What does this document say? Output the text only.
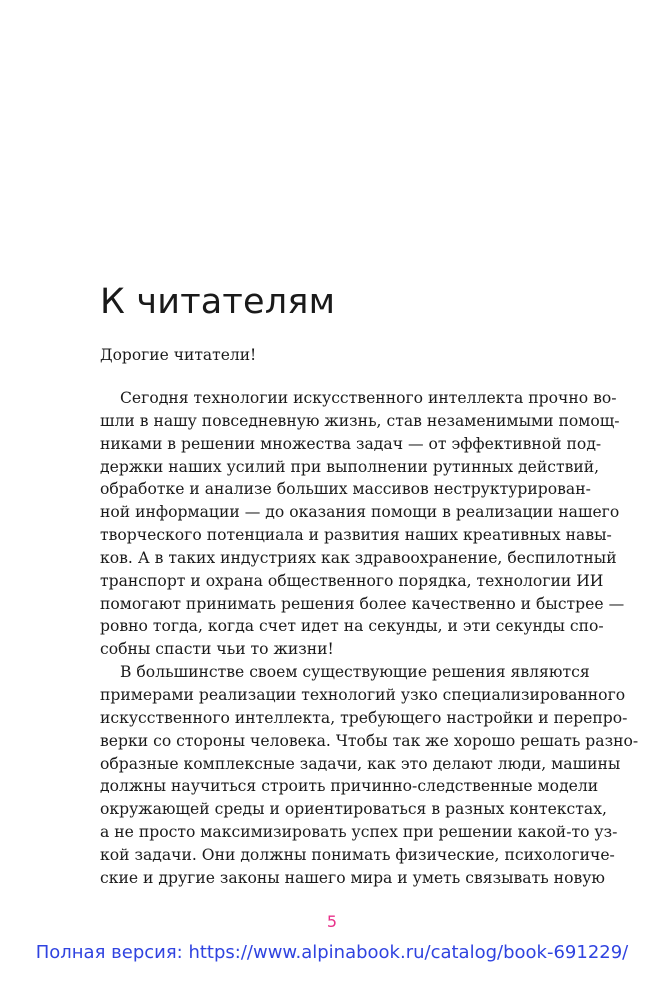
К читателям

Дорогие читатели!

Сегодня технологии искусственного интеллекта прочно во-
шли в нашу повседневную жизнь, став незаменимыми помощ-
никами в решении множества задач — от эффективной под-
держки наших усилий при выполнении рутинных действий,
обработке и анализе больших массивов неструктурирован-
ной информации — до оказания помощи в реализации нашего
творческого потенциала и развития наших креативных навы-
ков. А в таких индустриях как здравоохранение, беспилотный
транспорт и охрана общественного порядка, технологии ИИ
помогают принимать решения более качественно и быстрее —
ровно тогда, когда счет идет на секунды, и эти секунды спо-
собны спасти чьи то жизни!
В большинстве своем существующие решения являются
примерами реализации технологий узко специализированного
искусственного интеллекта, требующего настройки и перепро-
верки со стороны человека. Чтобы так же хорошо решать разно-
образные комплексные задачи, как это делают люди, машины
должны научиться строить причинно-следственные модели
окружающей среды и ориентироваться в разных контекстах,
а не просто максимизировать успех при решении какой-то уз-
кой задачи. Они должны понимать физические, психологиче-
ские и другие законы нашего мира и уметь связывать новую
5
Полная версия: https://www.alpinabook.ru/catalog/book-691229/
